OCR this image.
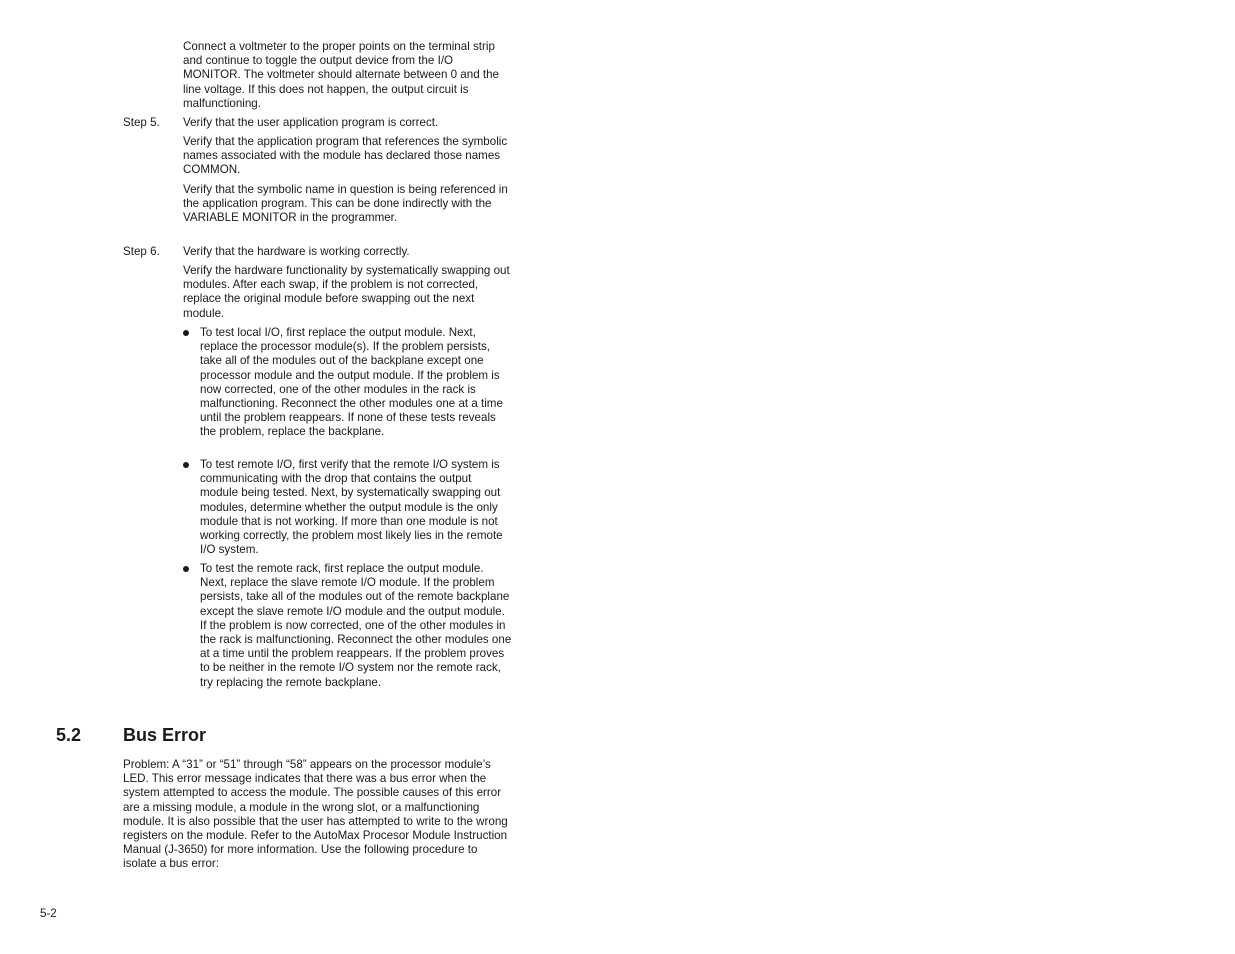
Connect a voltmeter to the proper points on the terminal strip and continue to toggle the output device from the I/O MONITOR. The voltmeter should alternate between 0 and the line voltage. If this does not happen, the output circuit is malfunctioning.

Step 5. Verify that the user application program is correct.

Verify that the application program that references the symbolic names associated with the module has declared those names COMMON.

Verify that the symbolic name in question is being referenced in the application program. This can be done indirectly with the VARIABLE MONITOR in the programmer.

Step 6. Verify that the hardware is working correctly.

Verify the hardware functionality by systematically swapping out modules. After each swap, if the problem is not corrected, replace the original module before swapping out the next module.

To test local I/O, first replace the output module. Next, replace the processor module(s). If the problem persists, take all of the modules out of the backplane except one processor module and the output module. If the problem is now corrected, one of the other modules in the rack is malfunctioning. Reconnect the other modules one at a time until the problem reappears. If none of these tests reveals the problem, replace the backplane.

To test remote I/O, first verify that the remote I/O system is communicating with the drop that contains the output module being tested. Next, by systematically swapping out modules, determine whether the output module is the only module that is not working. If more than one module is not working correctly, the problem most likely lies in the remote I/O system.

To test the remote rack, first replace the output module. Next, replace the slave remote I/O module. If the problem persists, take all of the modules out of the remote backplane except the slave remote I/O module and the output module. If the problem is now corrected, one of the other modules in the rack is malfunctioning. Reconnect the other modules one at a time until the problem reappears. If the problem proves to be neither in the remote I/O system nor the remote rack, try replacing the remote backplane.

5.2 Bus Error

Problem: A “31” or “51” through “58” appears on the processor module’s LED. This error message indicates that there was a bus error when the system attempted to access the module. The possible causes of this error are a missing module, a module in the wrong slot, or a malfunctioning module. It is also possible that the user has attempted to write to the wrong registers on the module. Refer to the AutoMax Procesor Module Instruction Manual (J-3650) for more information. Use the following procedure to isolate a bus error:

5-2
